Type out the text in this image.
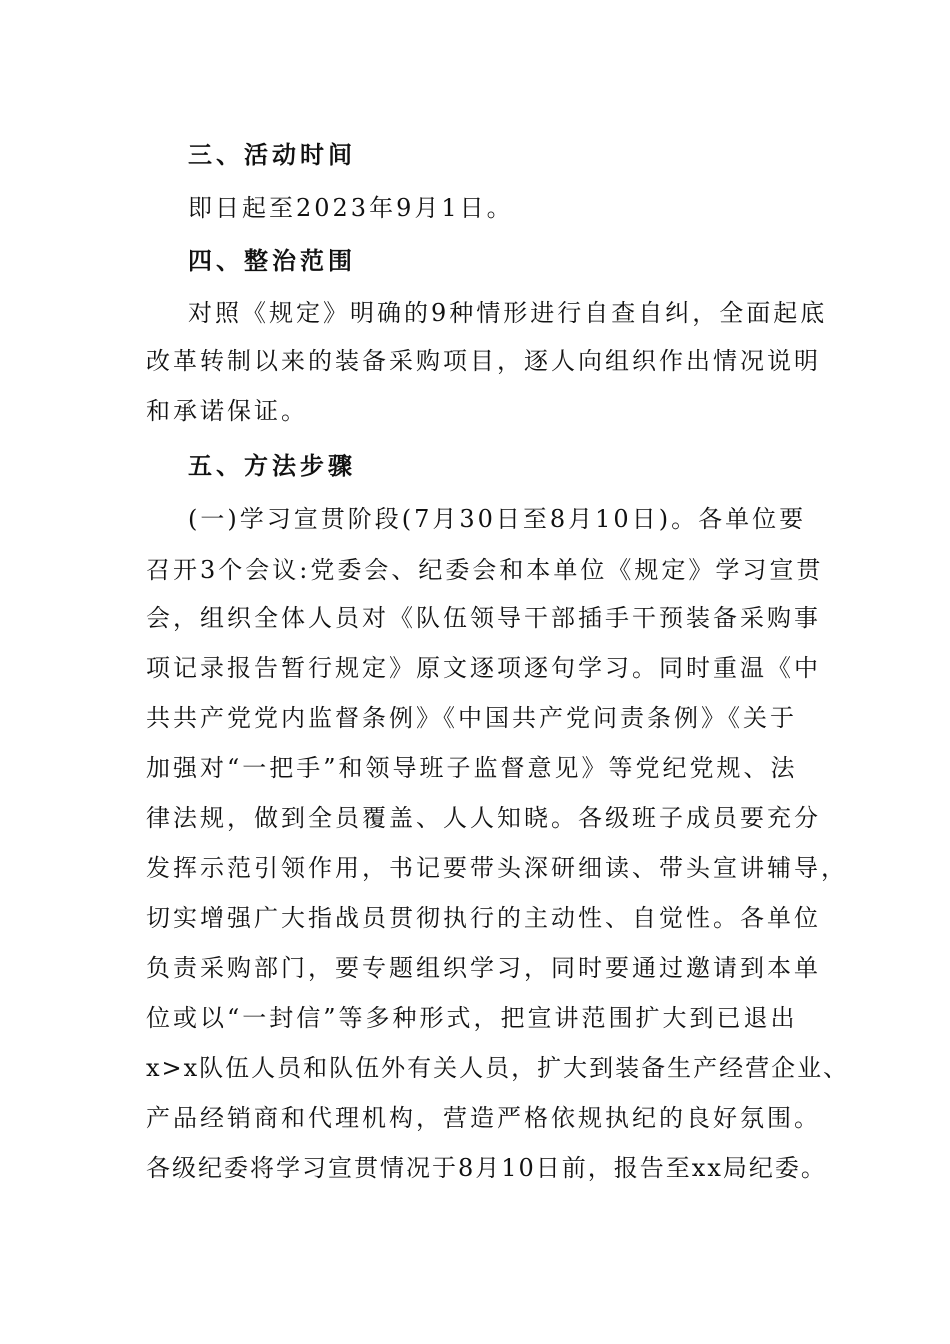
三、活动时间
即日起至2023年9月1日。
四、整治范围
对照《规定》明确的9种情形进行自查自纠，全面起底
改革转制以来的装备采购项目，逐人向组织作出情况说明
和承诺保证。
五、方法步骤
(一)学习宣贯阶段(7月30日至8月10日)。各单位要
召开3个会议:党委会、纪委会和本单位《规定》学习宣贯
会，组织全体人员对《队伍领导干部插手干预装备采购事
项记录报告暂行规定》原文逐项逐句学习。同时重温《中
共共产党党内监督条例》《中国共产党问责条例》《关于
加强对“一把手”和领导班子监督意见》等党纪党规、法
律法规，做到全员覆盖、人人知晓。各级班子成员要充分
发挥示范引领作用，书记要带头深研细读、带头宣讲辅导，
切实增强广大指战员贯彻执行的主动性、自觉性。各单位
负责采购部门，要专题组织学习，同时要通过邀请到本单
位或以“一封信”等多种形式，把宣讲范围扩大到已退出
x>x队伍人员和队伍外有关人员，扩大到装备生产经营企业、
产品经销商和代理机构，营造严格依规执纪的良好氛围。
各级纪委将学习宣贯情况于8月10日前，报告至xx局纪委。
